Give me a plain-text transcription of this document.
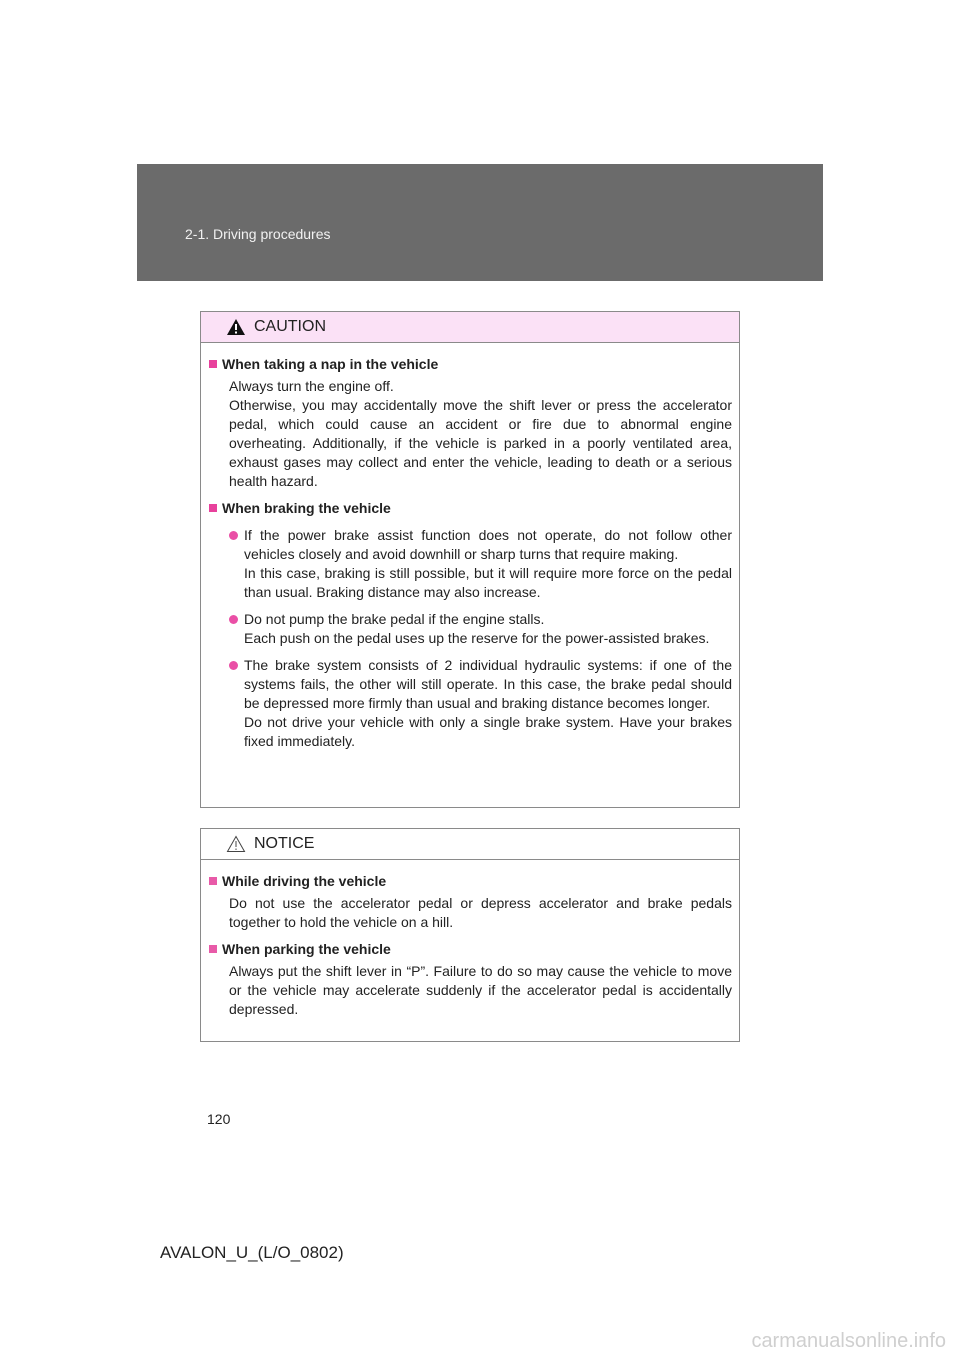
2-1. Driving procedures
CAUTION
When taking a nap in the vehicle
Always turn the engine off.
Otherwise, you may accidentally move the shift lever or press the accelerator pedal, which could cause an accident or fire due to abnormal engine overheating. Additionally, if the vehicle is parked in a poorly ventilated area, exhaust gases may collect and enter the vehicle, leading to death or a serious health hazard.
When braking the vehicle
If the power brake assist function does not operate, do not follow other vehicles closely and avoid downhill or sharp turns that require making.
In this case, braking is still possible, but it will require more force on the pedal than usual. Braking distance may also increase.
Do not pump the brake pedal if the engine stalls.
Each push on the pedal uses up the reserve for the power-assisted brakes.
The brake system consists of 2 individual hydraulic systems: if one of the systems fails, the other will still operate. In this case, the brake pedal should be depressed more firmly than usual and braking distance becomes longer.
Do not drive your vehicle with only a single brake system. Have your brakes fixed immediately.
NOTICE
While driving the vehicle
Do not use the accelerator pedal or depress accelerator and brake pedals together to hold the vehicle on a hill.
When parking the vehicle
Always put the shift lever in “P”. Failure to do so may cause the vehicle to move or the vehicle may accelerate suddenly if the accelerator pedal is accidentally depressed.
120
AVALON_U_(L/O_0802)
carmanualsonline.info
